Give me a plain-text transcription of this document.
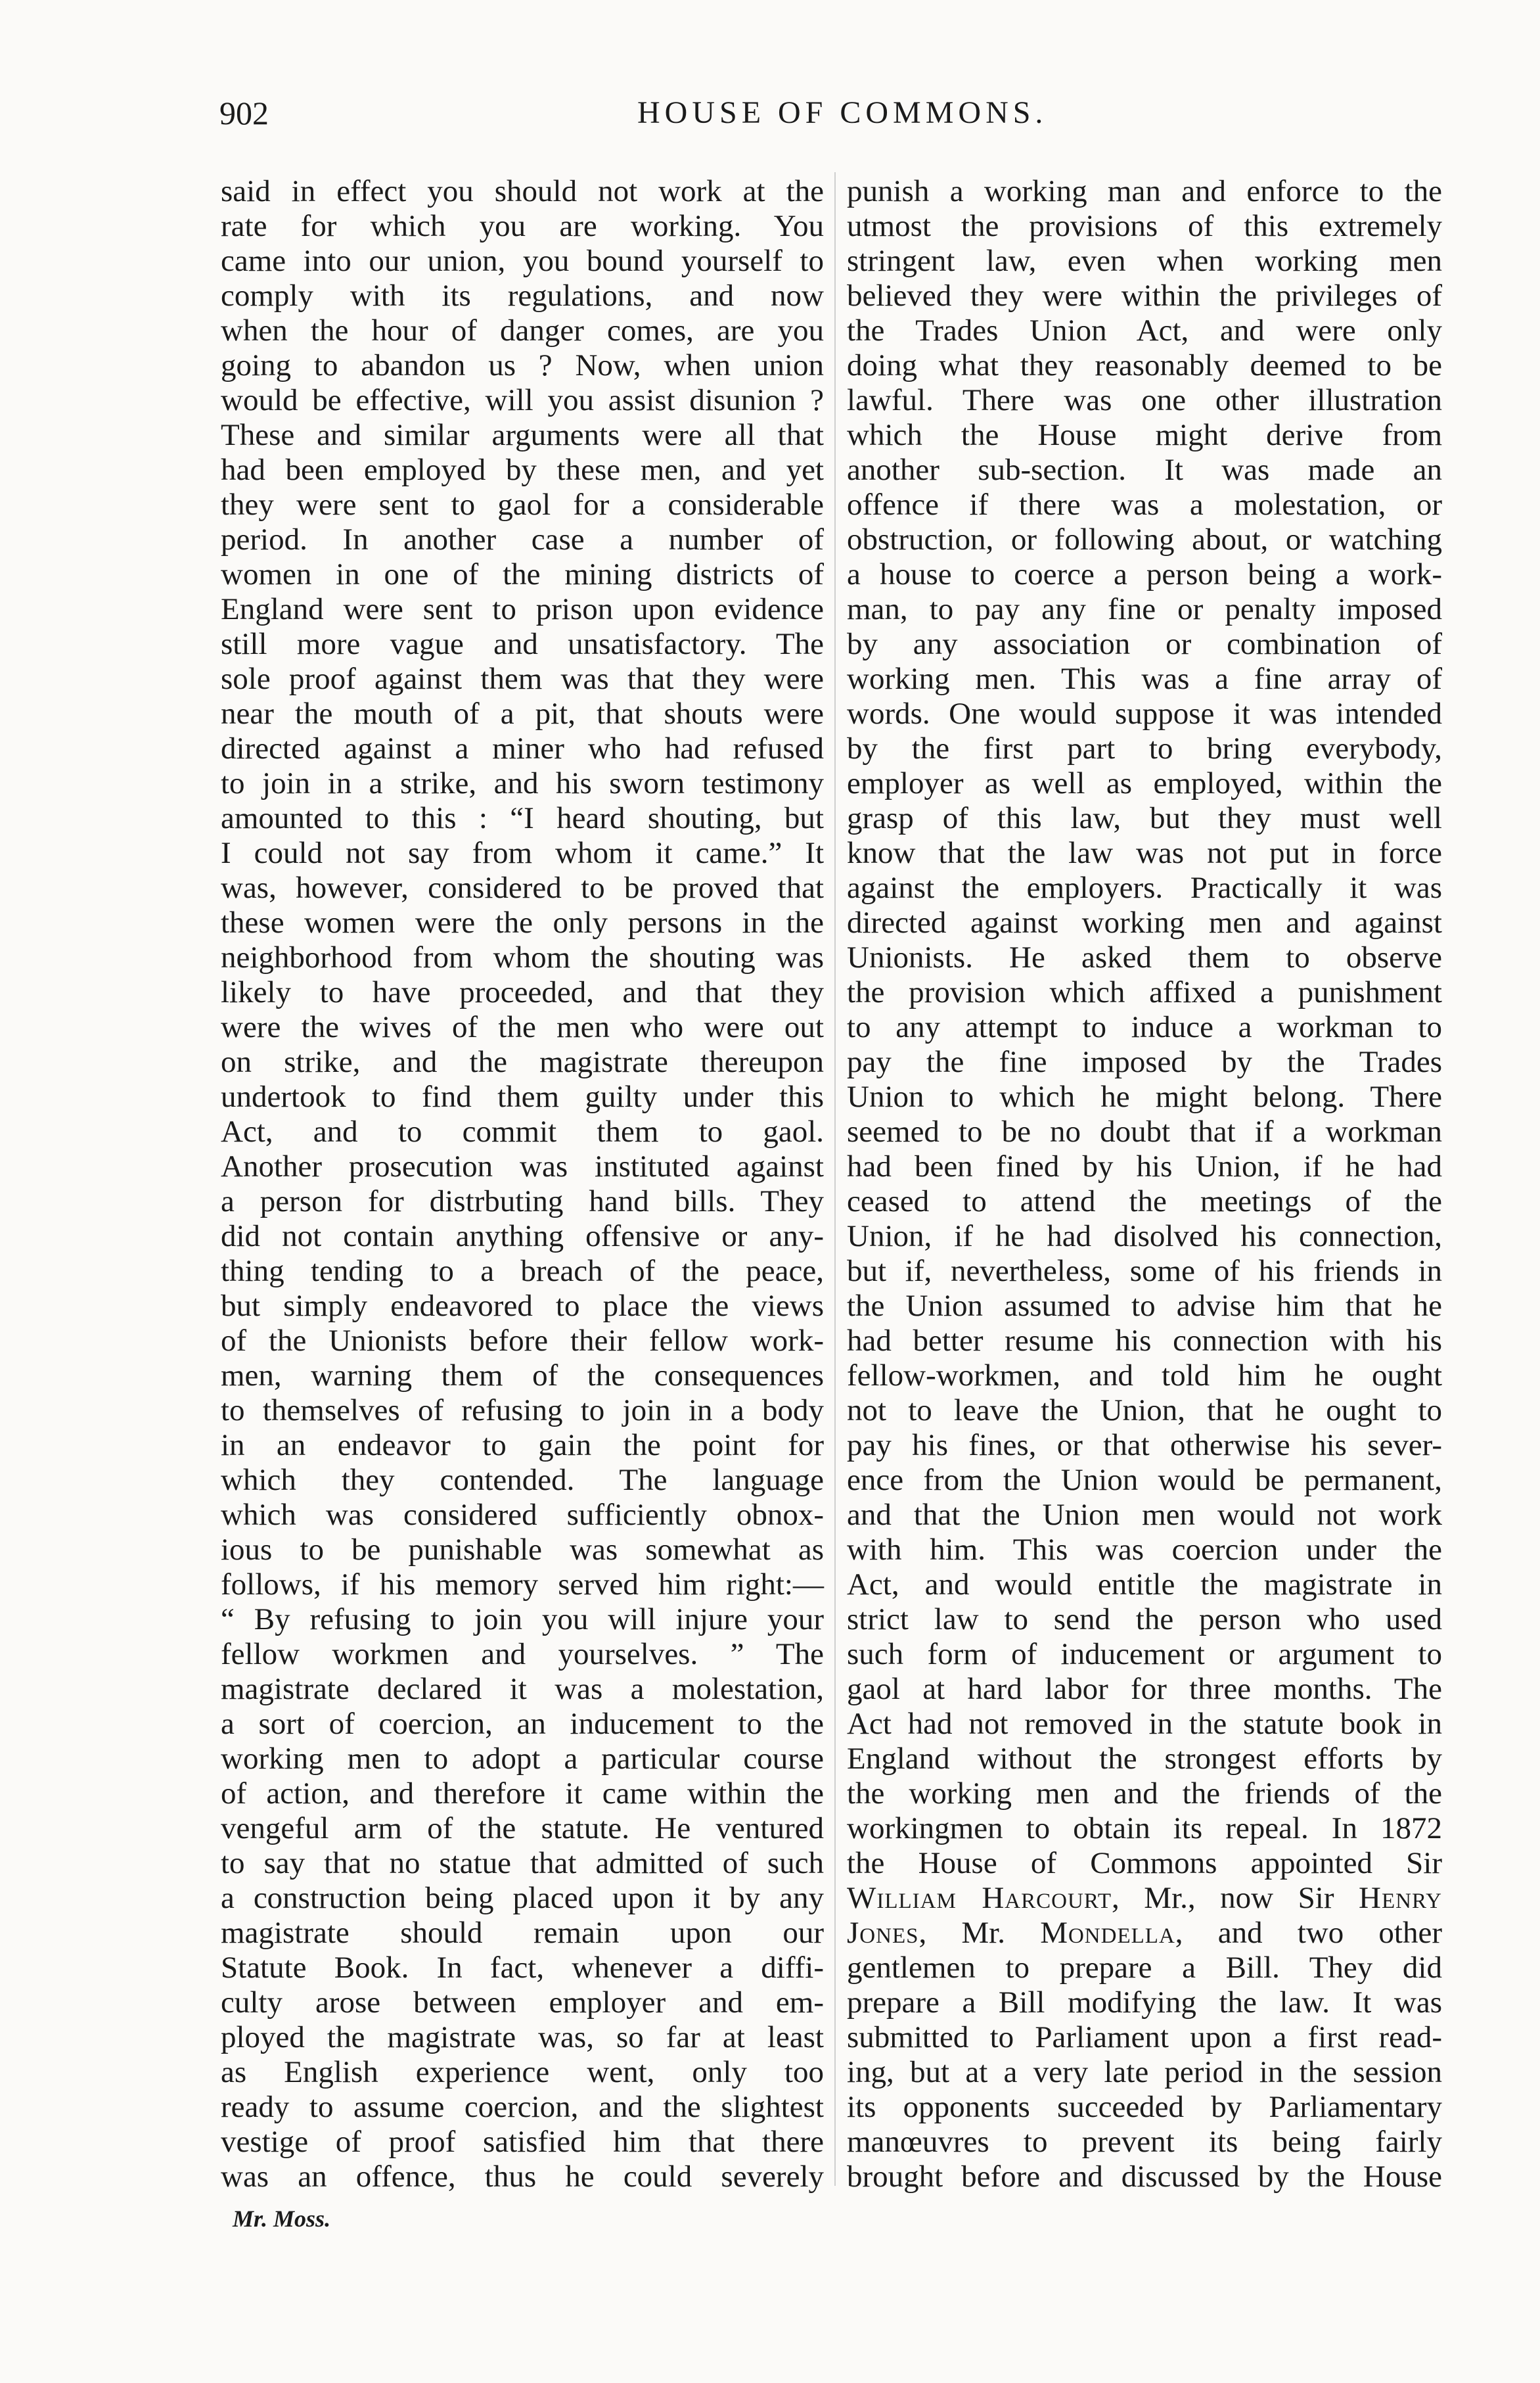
902	HOUSE OF COMMONS.
said in effect you should not work at the
rate for which you are working. You
came into our union, you bound yourself to
comply with its regulations, and now
when the hour of danger comes, are you
going to abandon us ? Now, when union
would be effective, will you assist disunion ?
These and similar arguments were all that
had been employed by these men, and yet
they were sent to gaol for a considerable
period. In another case a number of
women in one of the mining districts of
England were sent to prison upon evidence
still more vague and unsatisfactory. The
sole proof against them was that they were
near the mouth of a pit, that shouts were
directed against a miner who had refused
to join in a strike, and his sworn testimony
amounted to this : “I heard shouting, but
I could not say from whom it came.” It
was, however, considered to be proved that
these women were the only persons in the
neighborhood from whom the shouting was
likely to have proceeded, and that they
were the wives of the men who were out
on strike, and the magistrate thereupon
undertook to find them guilty under this
Act, and to commit them to gaol.
Another prosecution was instituted against
a person for distrbuting hand bills. They
did not contain anything offensive or any-
thing tending to a breach of the peace,
but simply endeavored to place the views
of the Unionists before their fellow work-
men, warning them of the consequences
to themselves of refusing to join in a body
in an endeavor to gain the point for
which they contended. The language
which was considered sufficiently obnox-
ious to be punishable was somewhat as
follows, if his memory served him right:—
“ By refusing to join you will injure your
fellow workmen and yourselves. ” The
magistrate declared it was a molestation,
a sort of coercion, an inducement to the
working men to adopt a particular course
of action, and therefore it came within the
vengeful arm of the statute. He ventured
to say that no statue that admitted of such
a construction being placed upon it by any
magistrate should remain upon our
Statute Book. In fact, whenever a diffi-
culty arose between employer and em-
ployed the magistrate was, so far at least
as English experience went, only too
ready to assume coercion, and the slightest
vestige of proof satisfied him that there
was an offence, thus he could severely
punish a working man and enforce to the
utmost the provisions of this extremely
stringent law, even when working men
believed they were within the privileges of
the Trades Union Act, and were only
doing what they reasonably deemed to be
lawful. There was one other illustration
which the House might derive from
another sub-section. It was made an
offence if there was a molestation, or
obstruction, or following about, or watching
a house to coerce a person being a work-
man, to pay any fine or penalty imposed
by any association or combination of
working men. This was a fine array of
words. One would suppose it was intended
by the first part to bring everybody,
employer as well as employed, within the
grasp of this law, but they must well
know that the law was not put in force
against the employers. Practically it was
directed against working men and against
Unionists. He asked them to observe
the provision which affixed a punishment
to any attempt to induce a workman to
pay the fine imposed by the Trades
Union to which he might belong. There
seemed to be no doubt that if a workman
had been fined by his Union, if he had
ceased to attend the meetings of the
Union, if he had disolved his connection,
but if, nevertheless, some of his friends in
the Union assumed to advise him that he
had better resume his connection with his
fellow-workmen, and told him he ought
not to leave the Union, that he ought to
pay his fines, or that otherwise his sever-
ence from the Union would be permanent,
and that the Union men would not work
with him. This was coercion under the
Act, and would entitle the magistrate in
strict law to send the person who used
such form of inducement or argument to
gaol at hard labor for three months. The
Act had not removed in the statute book in
England without the strongest efforts by
the working men and the friends of the
workingmen to obtain its repeal. In 1872
the House of Commons appointed Sir
William Harcourt, Mr., now Sir Henry
Jones, Mr. Mondella, and two other
gentlemen to prepare a Bill. They did
prepare a Bill modifying the law. It was
submitted to Parliament upon a first read-
ing, but at a very late period in the session
its opponents succeeded by Parliamentary
manœuvres to prevent its being fairly
brought before and discussed by the House
Mr. Moss.
